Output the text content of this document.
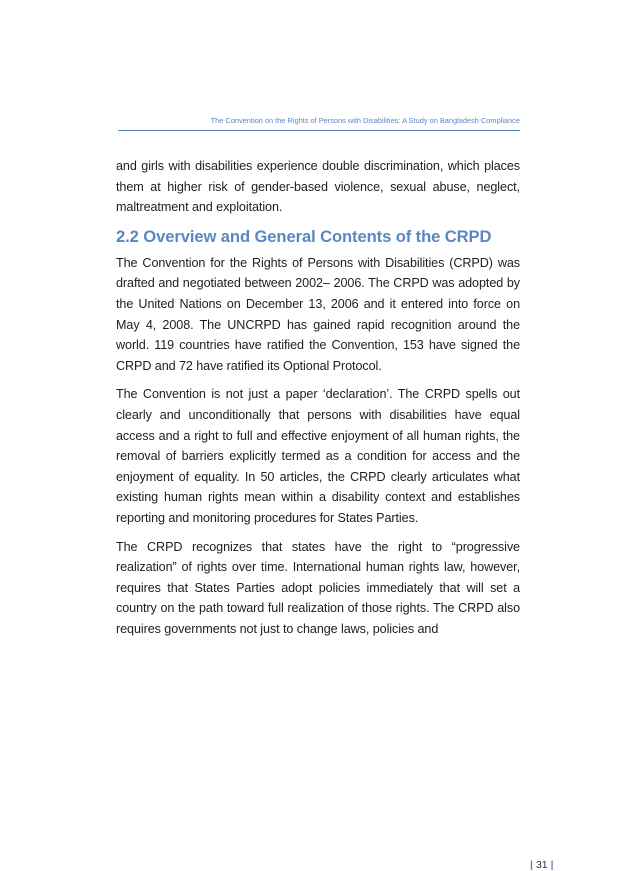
The Convention on the Rights of Persons with Disabilities: A Study on Bangladesh Compliance

and girls with disabilities experience double discrimination, which places them at higher risk of gender-based violence, sexual abuse, neglect, maltreatment and exploitation.

2.2 Overview and General Contents of the CRPD

The Convention for the Rights of Persons with Disabilities (CRPD) was drafted and negotiated between 2002– 2006. The CRPD was adopted by the United Nations on December 13, 2006 and it entered into force on May 4, 2008. The UNCRPD has gained rapid recognition around the world. 119 countries have ratified the Convention, 153 have signed the CRPD and 72 have ratified its Optional Protocol.

The Convention is not just a paper ‘declaration’. The CRPD spells out clearly and unconditionally that persons with disabilities have equal access and a right to full and effective enjoyment of all human rights, the removal of barriers explicitly termed as a condition for access and the enjoyment of equality. In 50 articles, the CRPD clearly articulates what existing human rights mean within a disability context and establishes reporting and monitoring procedures for States Parties.

The CRPD recognizes that states have the right to “progressive realization” of rights over time. International human rights law, however, requires that States Parties adopt policies immediately that will set a country on the path toward full realization of those rights. The CRPD also requires governments not just to change laws, policies and

| 31 |
